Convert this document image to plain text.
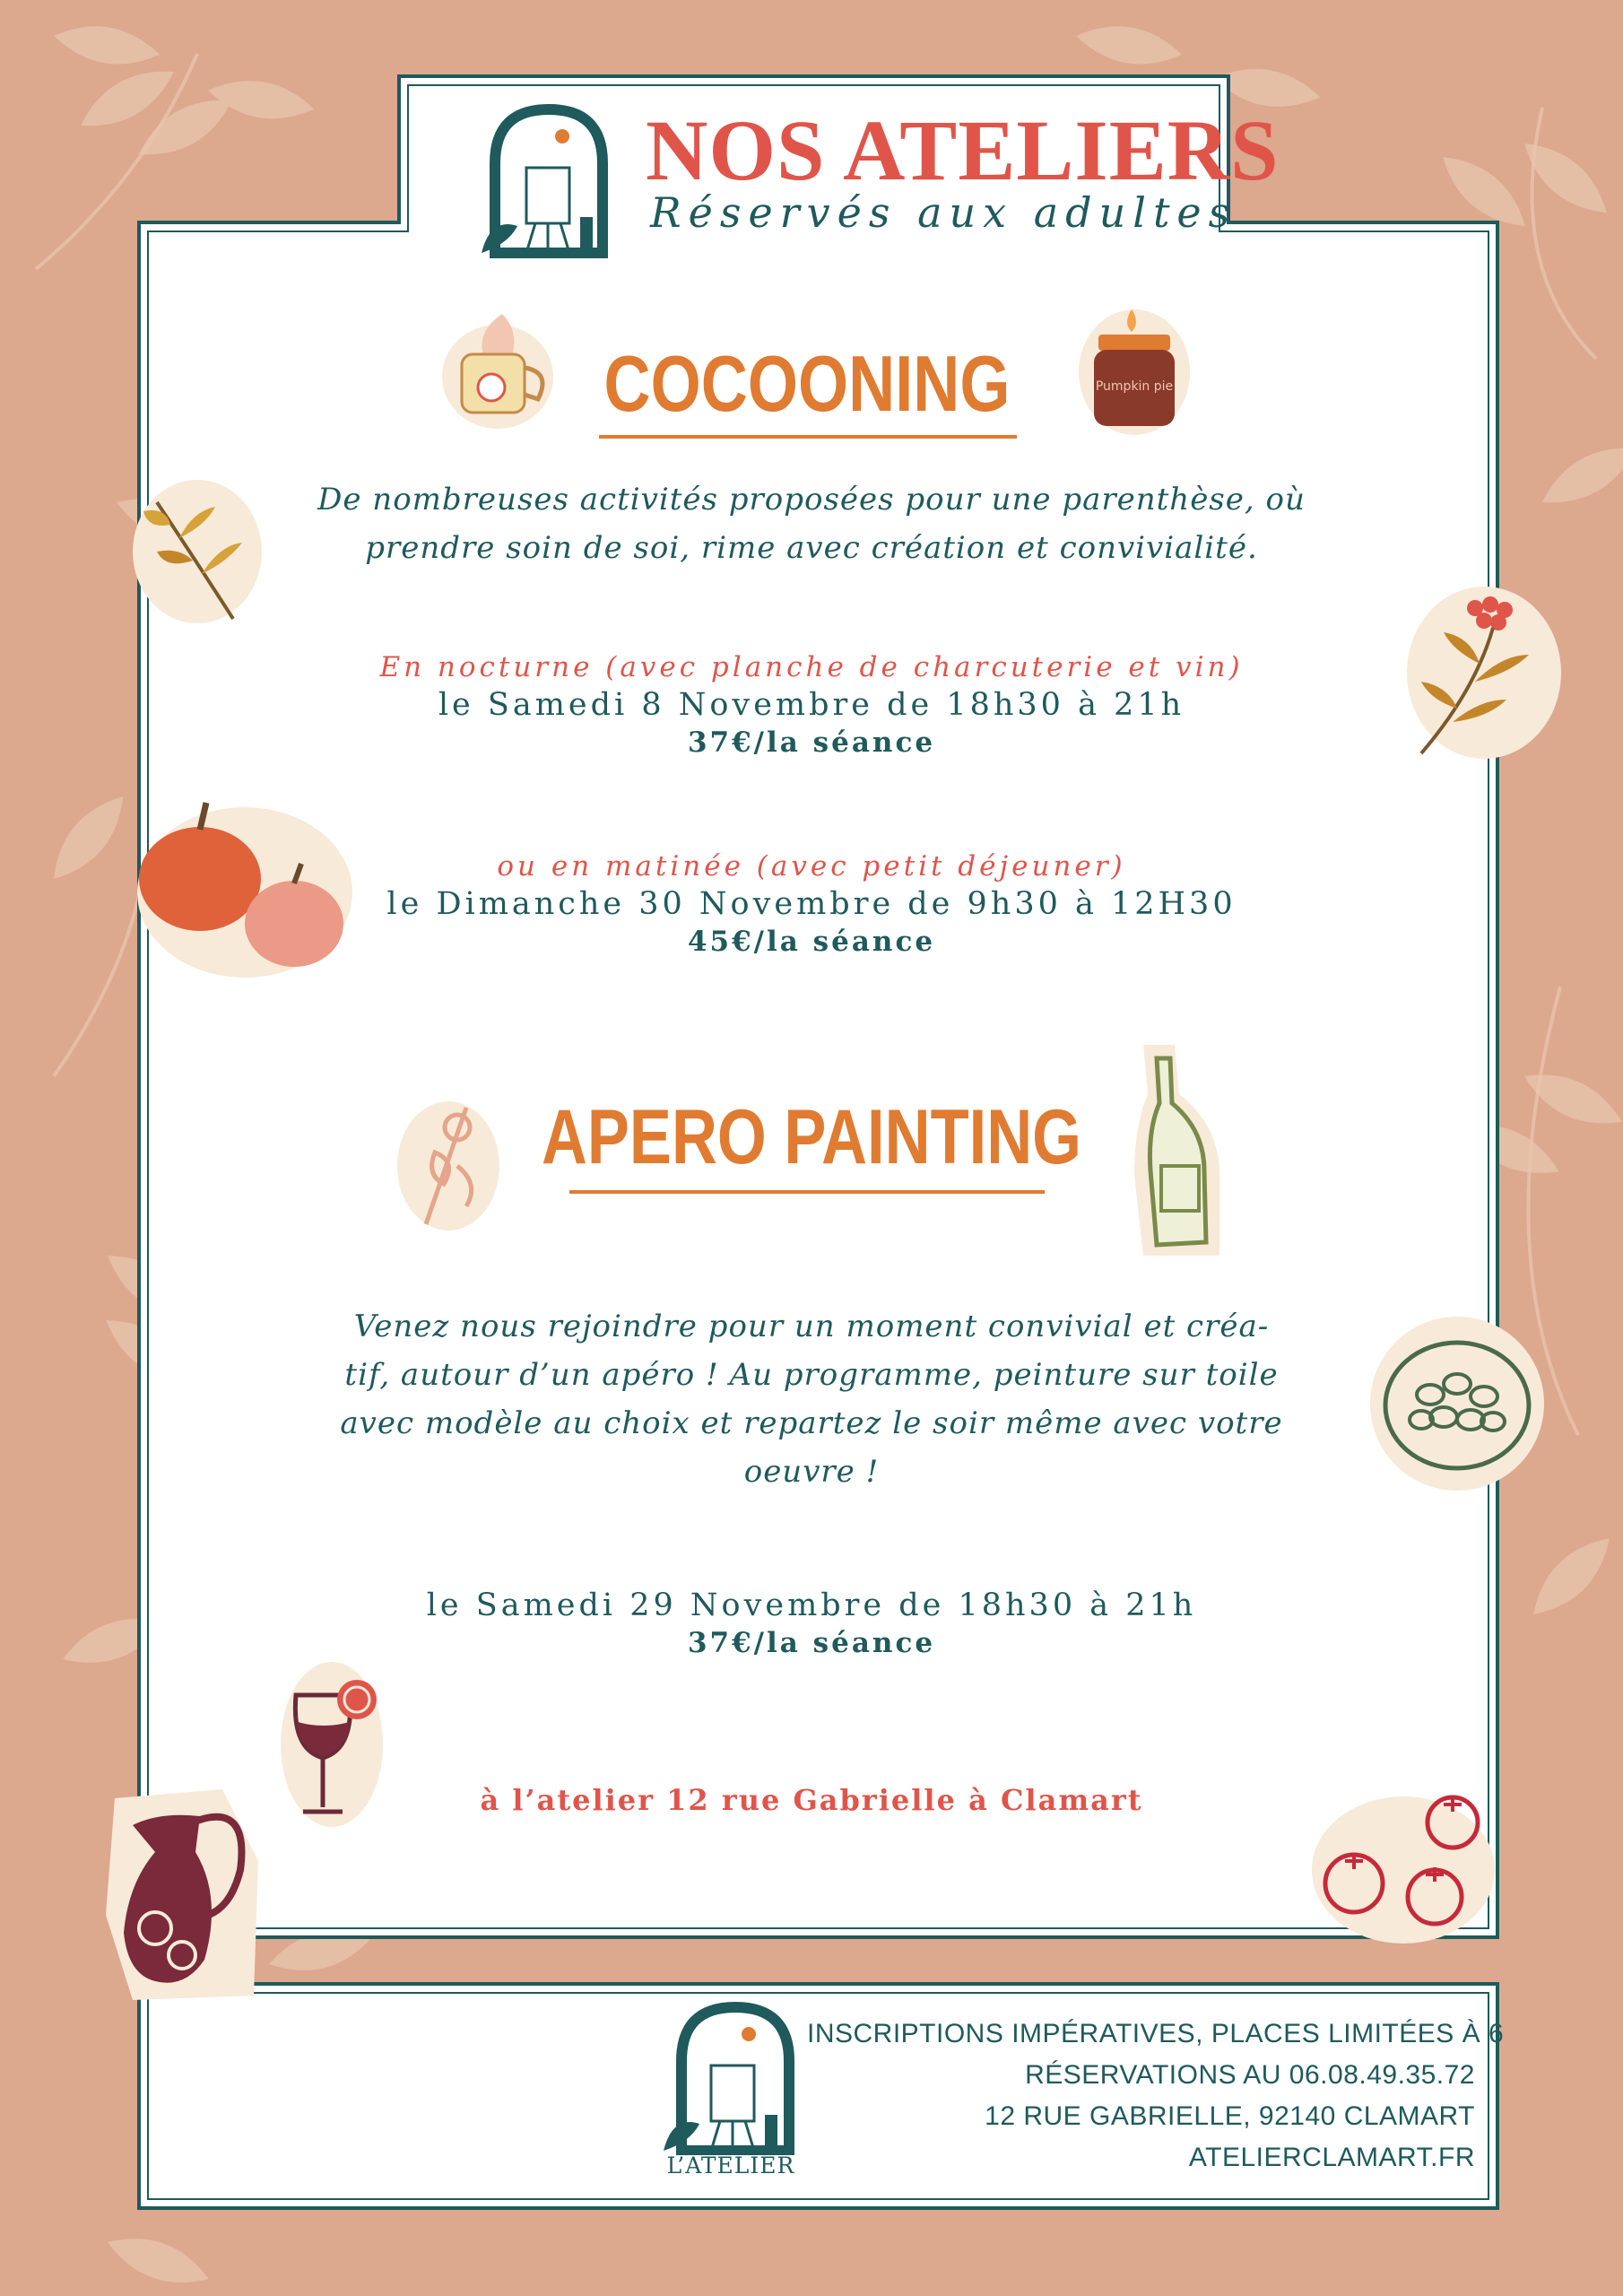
NOS ATELIERS
Réservés aux adultes
COCOONING
De nombreuses activités proposées pour une parenthèse, où
prendre soin de soi, rime avec création et convivialité.
En nocturne (avec planche de charcuterie et vin)
le Samedi 8 Novembre de 18h30 à 21h
37€/la séance
ou en matinée (avec petit déjeuner)
le Dimanche 30 Novembre de 9h30 à 12H30
45€/la séance
APERO PAINTING
Venez nous rejoindre pour un moment convivial et créa-
tif, autour d’un apéro ! Au programme, peinture sur toile
avec modèle au choix et repartez le soir même avec votre
oeuvre !
le Samedi 29 Novembre de 18h30 à 21h
37€/la séance
à l’atelier 12 rue Gabrielle à Clamart
Pumpkin pie
L’ATELIER
INSCRIPTIONS IMPÉRATIVES, PLACES LIMITÉES À 6
RÉSERVATIONS AU 06.08.49.35.72
12 RUE GABRIELLE, 92140 CLAMART
ATELIERCLAMART.FR
